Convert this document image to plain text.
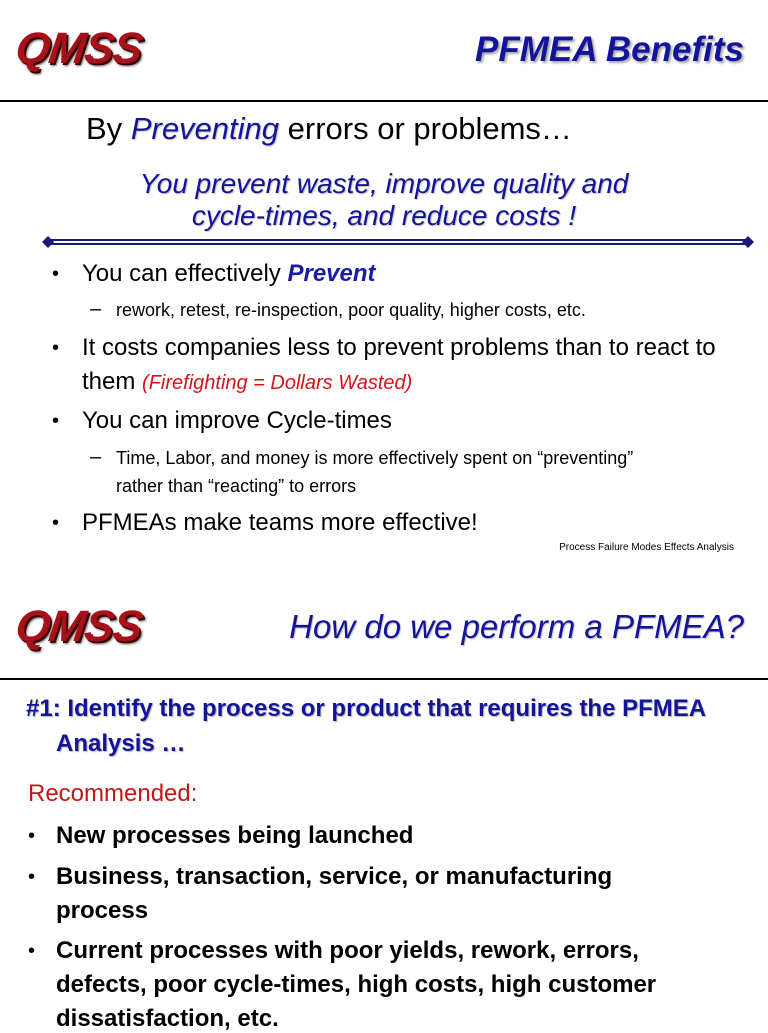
QMSS	PFMEA Benefits
By Preventing errors or problems…
You prevent waste, improve quality and
cycle-times, and reduce costs !
• You can effectively Prevent
– rework, retest, re-inspection, poor quality, higher costs, etc.
• It costs companies less to prevent problems than to react to
them (Firefighting = Dollars Wasted)
• You can improve Cycle-times
– Time, Labor, and money is more effectively spent on “preventing”
rather than “reacting” to errors
• PFMEAs make teams more effective!
Process Failure Modes Effects Analysis
QMSS	How do we perform a PFMEA?
#1: Identify the process or product that requires the PFMEA
Analysis …
Recommended:
• New processes being launched
• Business, transaction, service, or manufacturing
process
• Current processes with poor yields, rework, errors,
defects, poor cycle-times, high costs, high customer
dissatisfaction, etc.
